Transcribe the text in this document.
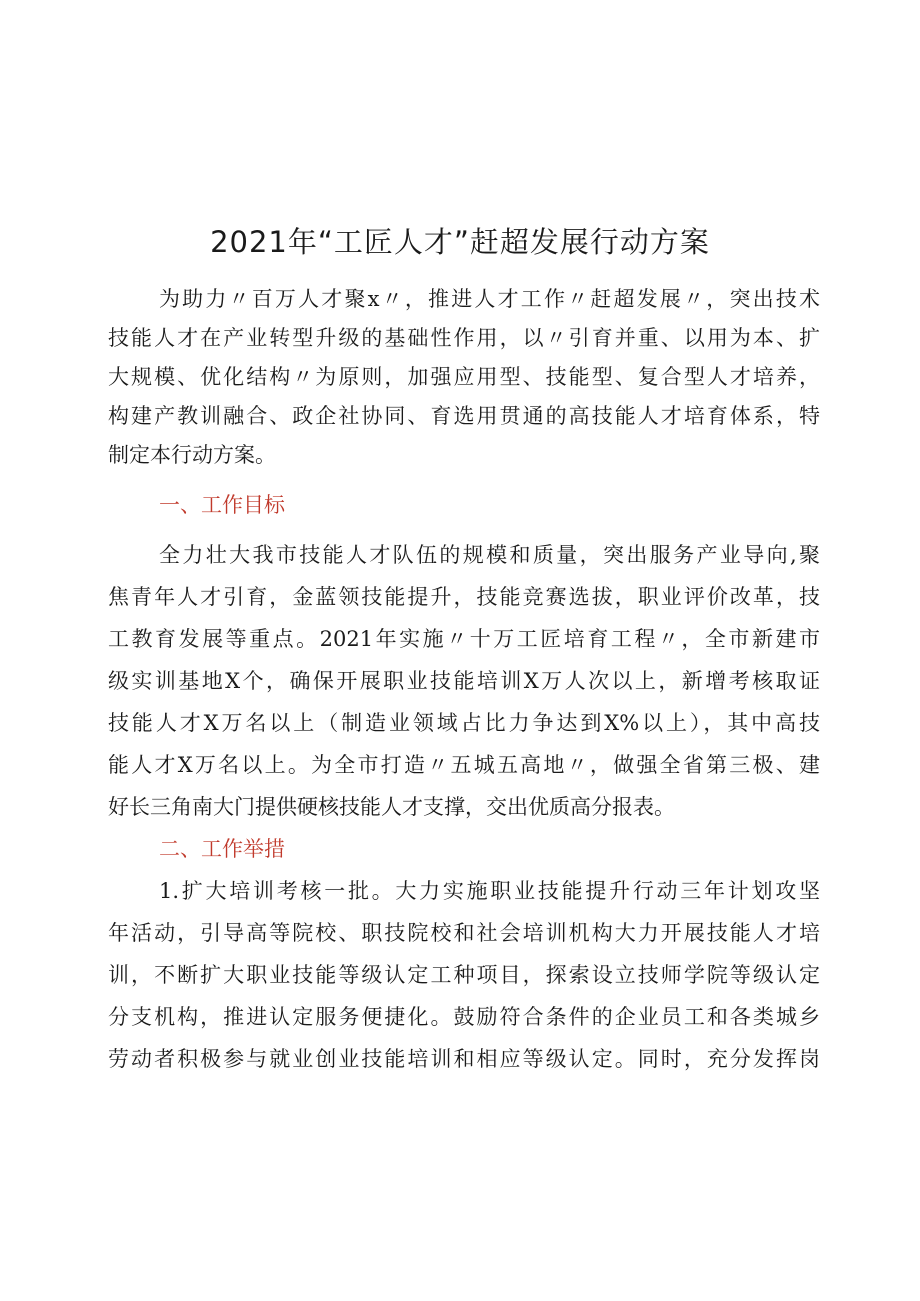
2021年“工匠人才”赶超发展行动方案
为助力〃百万人才聚x〃，推进人才工作〃赶超发展〃，突出技术
技能人才在产业转型升级的基础性作用，以〃引育并重、以用为本、扩
大规模、优化结构〃为原则，加强应用型、技能型、复合型人才培养，
构建产教训融合、政企社协同、育选用贯通的高技能人才培育体系，特
制定本行动方案。
一、工作目标
全力壮大我市技能人才队伍的规模和质量，突出服务产业导向,聚
焦青年人才引育，金蓝领技能提升，技能竞赛选拔，职业评价改革，技
工教育发展等重点。2021年实施〃十万工匠培育工程〃，全市新建市
级实训基地X个，确保开展职业技能培训X万人次以上，新增考核取证
技能人才X万名以上（制造业领域占比力争达到X%以上），其中高技
能人才X万名以上。为全市打造〃五城五高地〃，做强全省第三极、建
好长三角南大门提供硬核技能人才支撑，交出优质高分报表。
二、工作举措
1.扩大培训考核一批。大力实施职业技能提升行动三年计划攻坚
年活动，引导高等院校、职技院校和社会培训机构大力开展技能人才培
训，不断扩大职业技能等级认定工种项目，探索设立技师学院等级认定
分支机构，推进认定服务便捷化。鼓励符合条件的企业员工和各类城乡
劳动者积极参与就业创业技能培训和相应等级认定。同时，充分发挥岗
